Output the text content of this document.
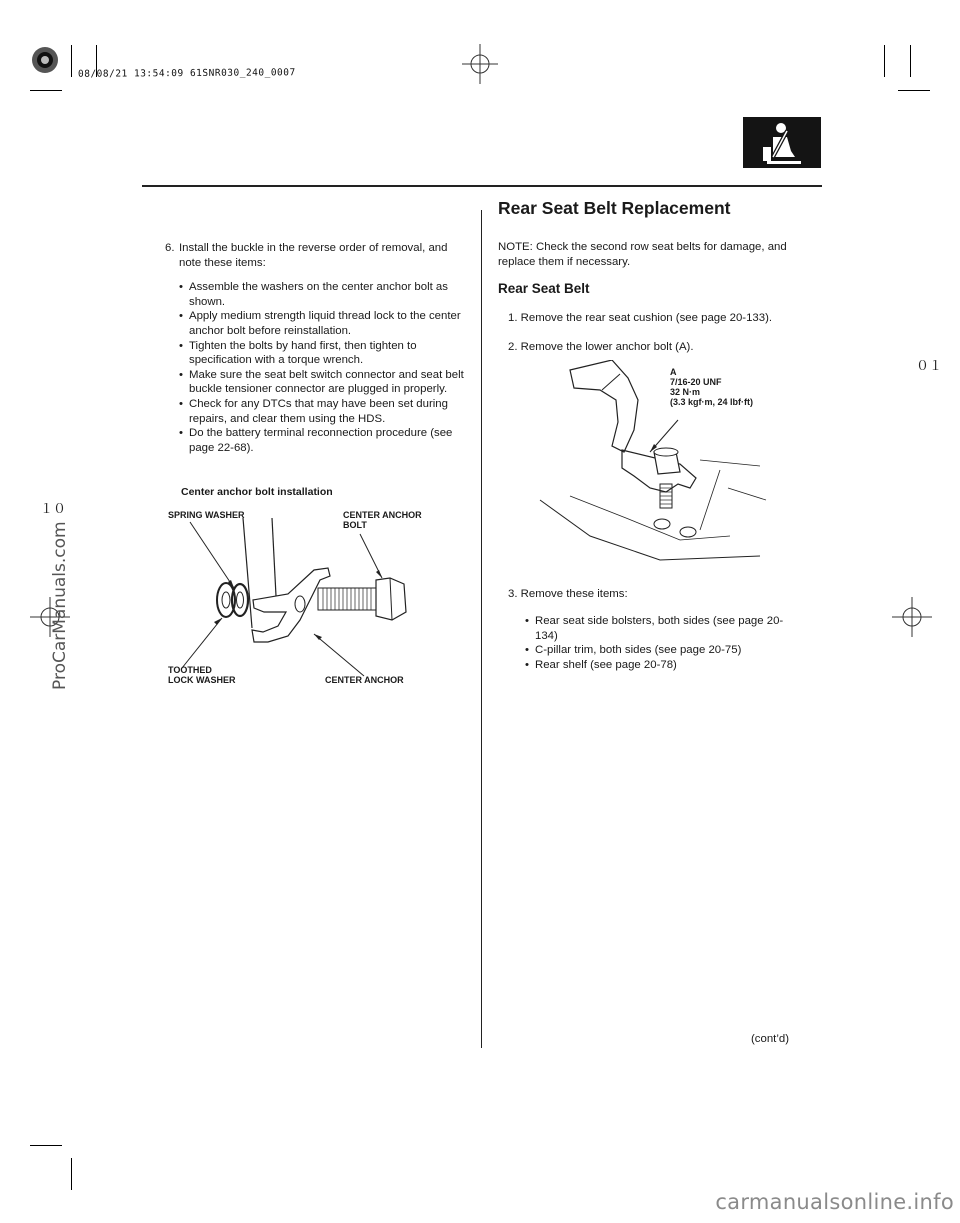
08/08/21 13:54:09 61SNR030_240_0007
ProCarManuals.com
carmanualsonline.info
０１
１０
Rear Seat Belt Replacement
6. Install the buckle in the reverse order of removal, and note these items:
• Assemble the washers on the center anchor bolt as shown.
• Apply medium strength liquid thread lock to the center anchor bolt before reinstallation.
• Tighten the bolts by hand first, then tighten to specification with a torque wrench.
• Make sure the seat belt switch connector and seat belt buckle tensioner connector are plugged in properly.
• Check for any DTCs that may have been set during repairs, and clear them using the HDS.
• Do the battery terminal reconnection procedure (see page 22-68).
Center anchor bolt installation
SPRING WASHER	CENTER ANCHOR
BOLT
TOOTHED
LOCK WASHER	CENTER ANCHOR
NOTE: Check the second row seat belts for damage, and replace them if necessary.
Rear Seat Belt
1. Remove the rear seat cushion (see page 20-133).
2. Remove the lower anchor bolt (A).
A
7/16-20 UNF
32 N·m
(3.3 kgf·m, 24 lbf·ft)
3. Remove these items:
• Rear seat side bolsters, both sides (see page 20-134)
• C-pillar trim, both sides (see page 20-75)
• Rear shelf (see page 20-78)
(cont’d)
